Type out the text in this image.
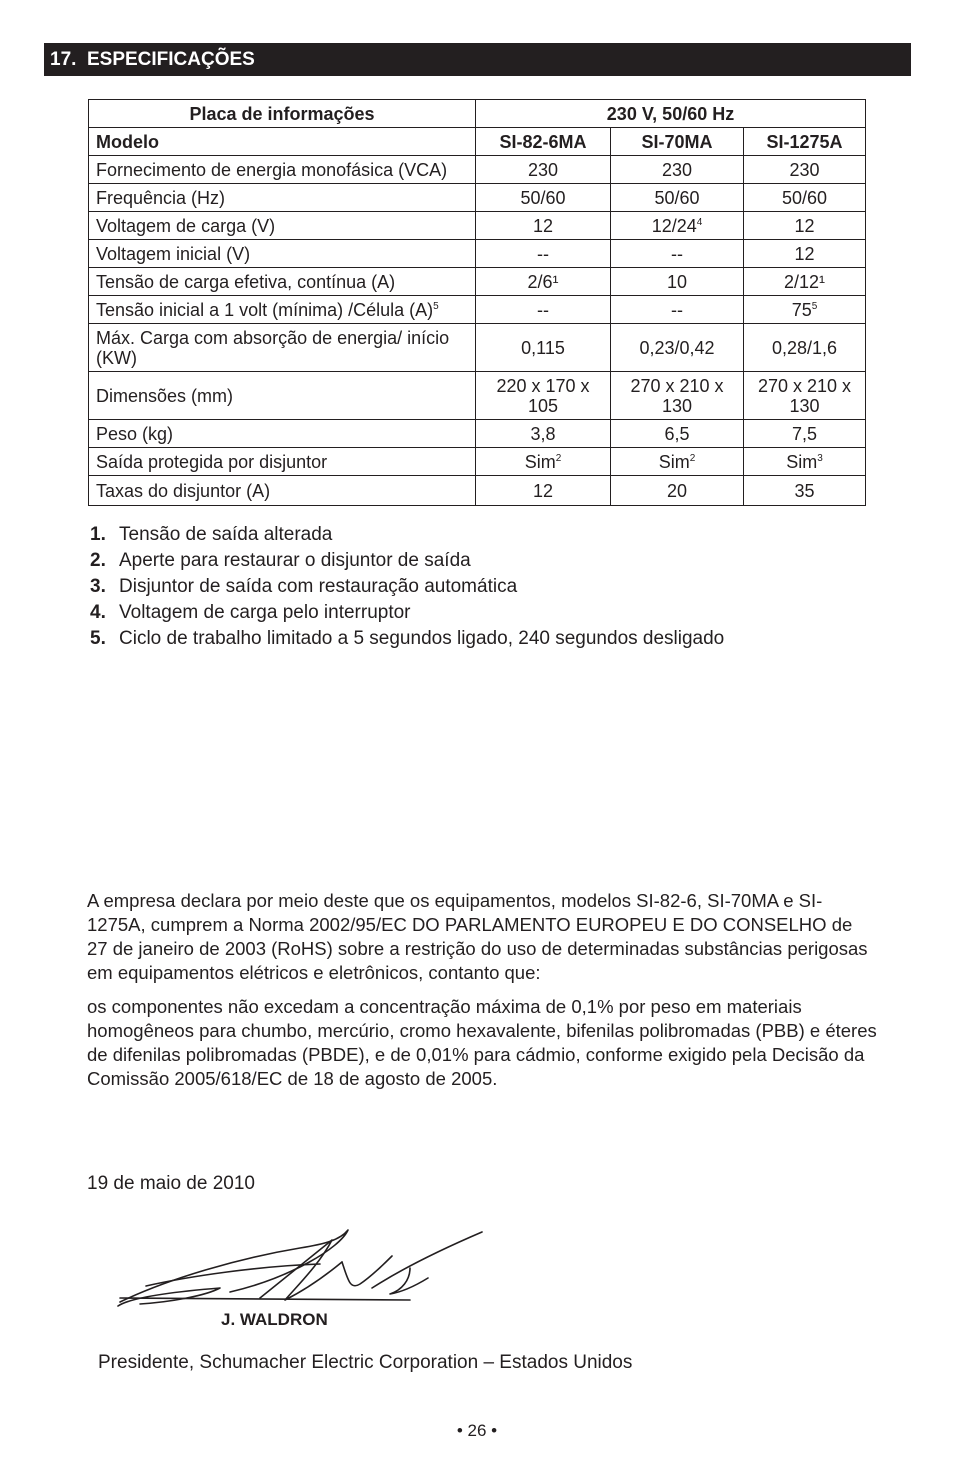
17. ESPECIFICAÇÕES
Placa de informações	230 V, 50/60 Hz		
Modelo	SI-82-6MA	SI-70MA	SI-1275A
Fornecimento de energia monofásica (VCA)	230	230	230
Frequência (Hz)	50/60	50/60	50/60
Voltagem de carga (V)	12	$12/24^4$	12
Voltagem inicial (V)	--	--	12
Tensão de carga efetiva, contínua (A)	2/6¹	10	2/12¹
Tensão inicial a 1 volt (mínima) /Célula $(A)^5$	--	--	$75^5$
Máx. Carga com absorção de energia/ início (KW)	0,115	0,23/0,42	0,28/1,6
Dimensões (mm)	220 x 170 x 105	270 x 210 x 130	270 x 210 x 130
Peso (kg)	3,8	6,5	7,5
Saída protegida por disjuntor	Sim$^2$	Sim$^2$	Sim$^3$
Taxas do disjuntor (A)	12	20	35
1. Tensão de saída alterada
2. Aperte para restaurar o disjuntor de saída
3. Disjuntor de saída com restauração automática
4. Voltagem de carga pelo interruptor
5. Ciclo de trabalho limitado a 5 segundos ligado, 240 segundos desligado

A empresa declara por meio deste que os equipamentos, modelos SI-82-6, SI-70MA e SI-1275A, cumprem a Norma 2002/95/EC DO PARLAMENTO EUROPEU E DO CONSELHO de 27 de janeiro de 2003 (RoHS) sobre a restrição do uso de determinadas substâncias perigosas em equipamentos elétricos e eletrônicos, contanto que:

os componentes não excedam a concentração máxima de 0,1% por peso em materiais homogêneos para chumbo, mercúrio, cromo hexavalente, bifenilas polibromadas (PBB) e éteres de difenilas polibromadas (PBDE), e de 0,01% para cádmio, conforme exigido pela Decisão da Comissão 2005/618/EC de 18 de agosto de 2005.

19 de maio de 2010
J. WALDRON
Presidente, Schumacher Electric Corporation – Estados Unidos
• 26 •
